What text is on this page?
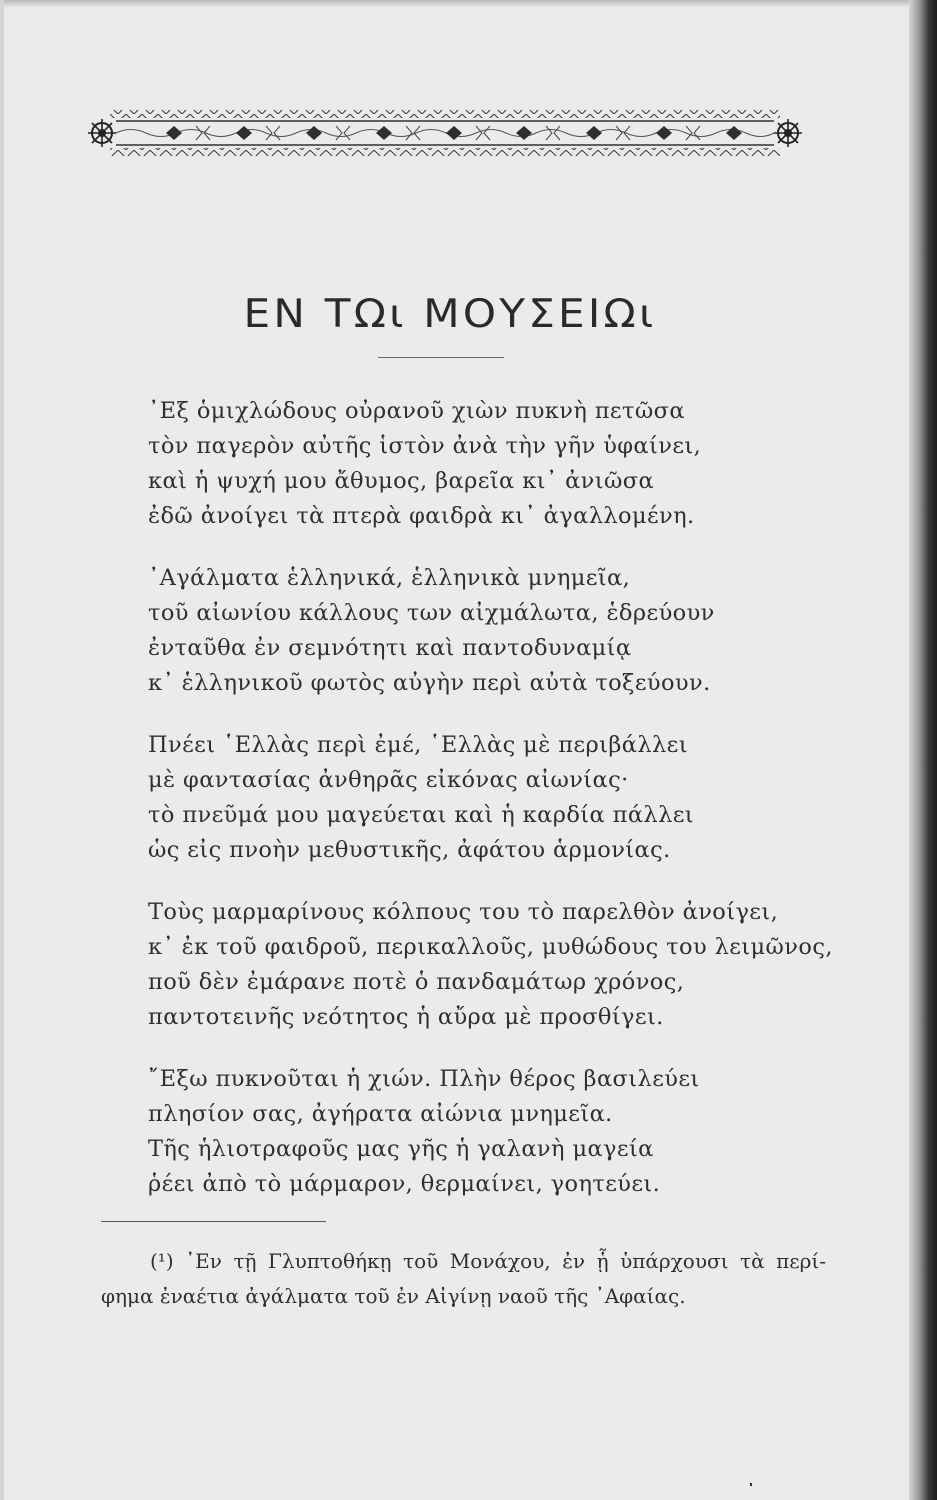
ΕΝ ΤΩι ΜΟΥΣΕΙΩι
᾿Εξ ὁμιχλώδους οὐρανοῦ χιὼν πυκνὴ πετῶσα
τὸν παγερὸν αὐτῆς ἱστὸν ἀνὰ τὴν γῆν ὑφαίνει,
καὶ ἡ ψυχή μου ἄθυμος, βαρεῖα κι᾿ ἀνιῶσα
ἐδῶ ἀνοίγει τὰ πτερὰ φαιδρὰ κι᾿ ἀγαλλομένη.
᾿Αγάλματα ἑλληνικά, ἑλληνικὰ μνημεῖα,
τοῦ αἰωνίου κάλλους των αἰχμάλωτα, ἑδρεύουν
ἐνταῦθα ἐν σεμνότητι καὶ παντοδυναμίᾳ
κ᾿ ἑλληνικοῦ φωτὸς αὐγὴν περὶ αὐτὰ τοξεύουν.
Πνέει ῾Ελλὰς περὶ ἐμέ, ῾Ελλὰς μὲ περιβάλλει
μὲ φαντασίας ἀνθηρᾶς εἰκόνας αἰωνίας·
τὸ πνεῦμά μου μαγεύεται καὶ ἡ καρδία πάλλει
ὡς εἰς πνοὴν μεθυστικῆς, ἀφάτου ἁρμονίας.
Τοὺς μαρμαρίνους κόλπους του τὸ παρελθὸν ἀνοίγει,
κ᾿ ἐκ τοῦ φαιδροῦ, περικαλλοῦς, μυθώδους του λειμῶνος,
ποῦ δὲν ἐμάρανε ποτὲ ὁ πανδαμάτωρ χρόνος,
παντοτεινῆς νεότητος ἡ αὔρα μὲ προσθίγει.
῎Εξω πυκνοῦται ἡ χιών. Πλὴν θέρος βασιλεύει
πλησίον σας, ἀγήρατα αἰώνια μνημεῖα.
Τῆς ἡλιοτραφοῦς μας γῆς ἡ γαλανὴ μαγεία
ῥέει ἀπὸ τὸ μάρμαρον, θερμαίνει, γοητεύει.
(¹) ᾿Εν τῇ Γλυπτοθήκῃ τοῦ Μονάχου, ἐν ᾗ ὑπάρχουσι τὰ περί-
φημα ἐναέτια ἀγάλματα τοῦ ἐν Αἰγίνῃ ναοῦ τῆς ᾿Αφαίας.
